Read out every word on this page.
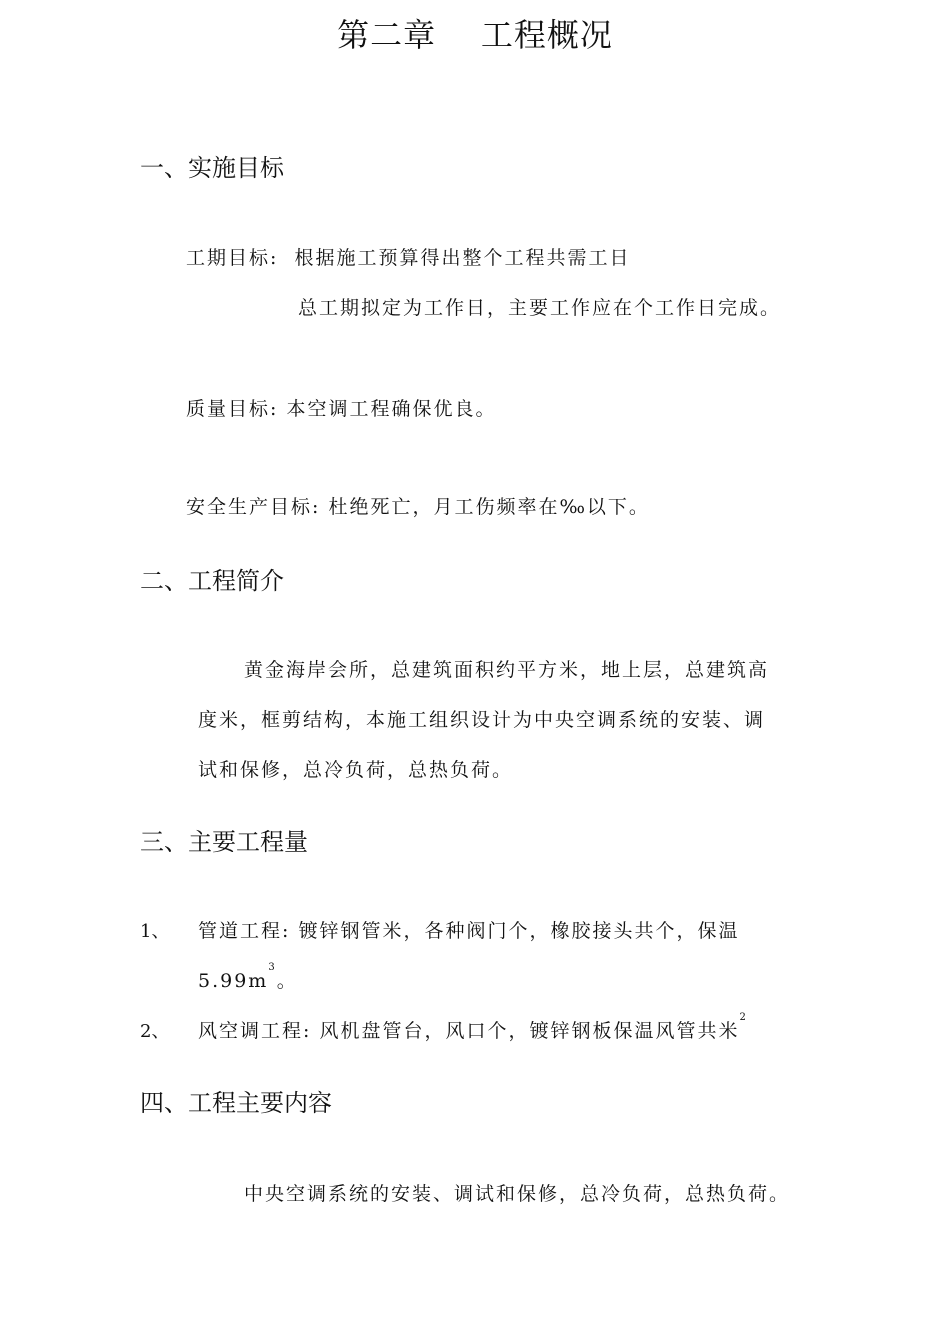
第二章    工程概况
一、实施目标
工期目标: 根据施工预算得出整个工程共需工日
总工期拟定为工作日，主要工作应在个工作日完成。
质量目标: 本空调工程确保优良。
安全生产目标: 杜绝死亡，月工伤频率在‰以下。
二、工程简介
黄金海岸会所，总建筑面积约平方米，地上层，总建筑高
度米，框剪结构，本施工组织设计为中央空调系统的安装、调
试和保修，总冷负荷，总热负荷。
三、主要工程量
1、 管道工程: 镀锌钢管米，各种阀门个，橡胶接头共个，保温
$5.99m^3$。
2、 风空调工程: 风机盘管台，风口个，镀锌钢板保温风管共米$^2$
四、工程主要内容
中央空调系统的安装、调试和保修，总冷负荷，总热负荷。
